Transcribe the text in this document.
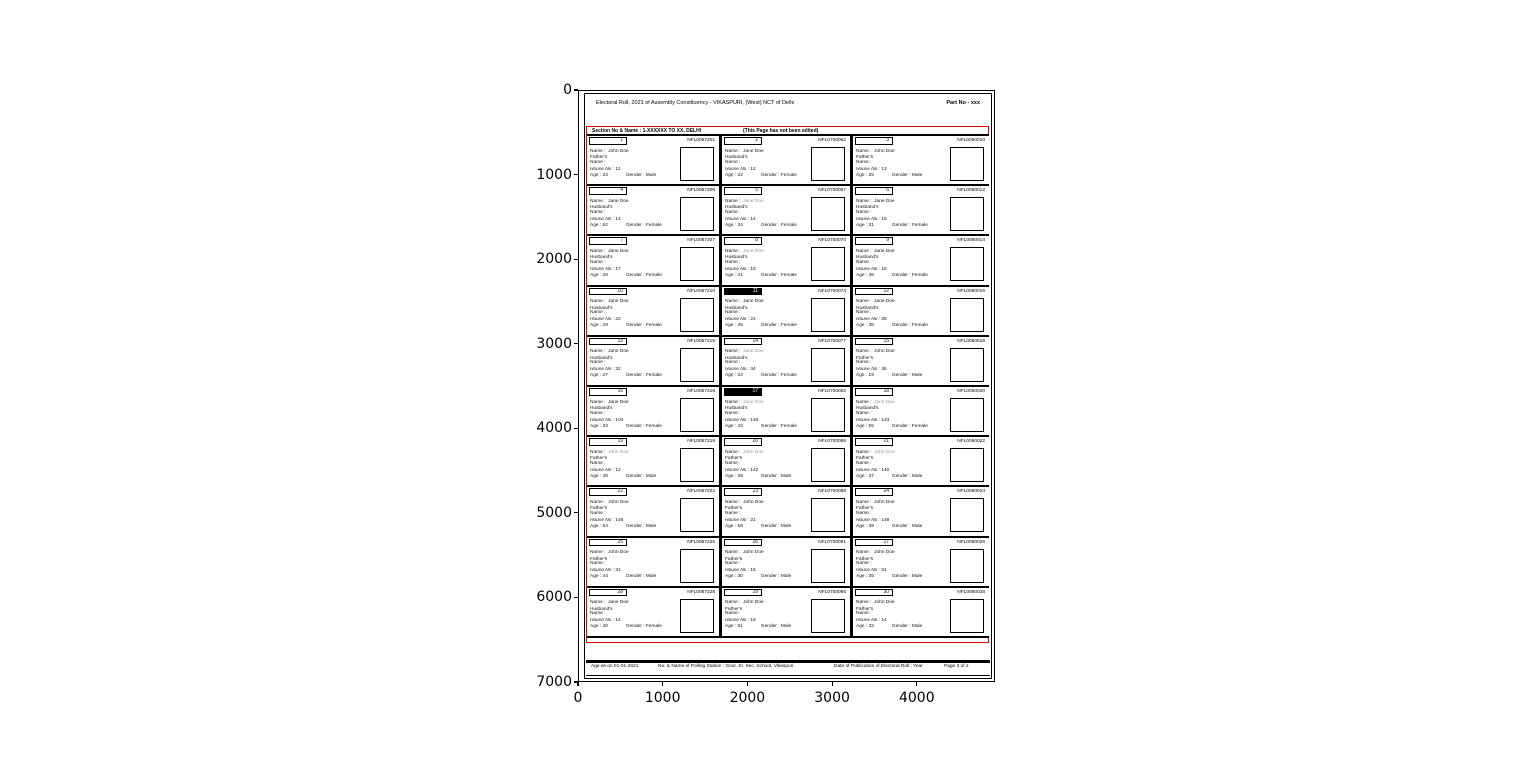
Electoral Roll, 2021 of Assembly Constituency - VIKASPURI, (West) NCT of Delhi	Part No - xxx
Section No & Name : 1-XXXXXX TO XX, DELHI	(This Page has not been edited)
1	NFL0057201
Name :  John Doe
Father's
Name :
House No : 12
Age : 23	Gender : Male
2	NFL0700062
Name :  Jane Doe
Husband's
Name :
House No : 12
Age : 22	Gender : Female
3	NFL0050010
Name :  John Doe
Father's
Name :
House No : 13
Age : 25	Gender : Male
4	NFL0057206
Name :  Jane Doe
Husband's
Name :
House No : 14
Age : 52	Gender : Female
5	NFL0700067
Name :  Jane Doe
Husband's
Name :
House No : 14
Age : 34	Gender : Female
6	NFL0050012
Name :  Jane Doe
Husband's
Name :
House No : 15
Age : 31	Gender : Female
7	NFL0057207
Name :  Jane Doe
Husband's
Name :
House No : 17
Age : 28	Gender : Female
8	NFL0700070
Name :  Jane Doe
Husband's
Name :
House No : 18
Age : 41	Gender : Female
9	NFL0050014
Name :  Jane Doe
Husband's
Name :
House No : 18
Age : 36	Gender : Female
10	NFL0057210
Name :  Jane Doe
Husband's
Name :
House No : 22
Age : 29	Gender : Female
11	NFL0700074
Name :  Jane Doe
Husband's
Name :
House No : 24
Age : 45	Gender : Female
12	NFL0050016
Name :  Jane Doe
Husband's
Name :
House No : 26
Age : 38	Gender : Female
13	NFL0057215
Name :  Jane Doe
Husband's
Name :
House No : 32
Age : 27	Gender : Female
14	NFL0700077
Name :  Jane Doe
Husband's
Name :
House No : 34
Age : 24	Gender : Female
15	NFL0050018
Name :  John Doe
Father's
Name :
House No : 36
Age : 19	Gender : Male
16	NFL0057216
Name :  Jane Doe
Husband's
Name :
House No : 104
Age : 33	Gender : Female
17	NFL0700082
Name :  Jane Doe
Husband's
Name :
House No : 140
Age : 43	Gender : Female
18	NFL0050020
Name :  Jane Doe
Husband's
Name :
House No : 123
Age : 55	Gender : Female
19	NFL0057219
Name :  John Doe
Father's
Name :
House No : 12
Age : 48	Gender : Male
20	NFL0700086
Name :  John Doe
Father's
Name :
House No : 142
Age : 26	Gender : Male
21	NFL0050022
Name :  John Doe
Father's
Name :
House No : 140
Age : 37	Gender : Male
22	NFL0057222
Name :  John Doe
Father's
Name :
House No : 146
Age : 64	Gender : Male
23	NFL0700088
Name :  John Doe
Father's
Name :
House No : 21
Age : 58	Gender : Male
24	NFL0050024
Name :  John Doe
Father's
Name :
House No : 148
Age : 39	Gender : Male
25	NFL0057225
Name :  John Doe
Father's
Name :
House No : 31
Age : 44	Gender : Male
26	NFL0700091
Name :  John Doe
Father's
Name :
House No : 15
Age : 30	Gender : Male
27	NFL0050026
Name :  John Doe
Father's
Name :
House No : 51
Age : 35	Gender : Male
28	NFL0057228
Name :  Jane Doe
Husband's
Name :
House No : 14
Age : 40	Gender : Female
29	NFL0700095
Name :  John Doe
Father's
Name :
House No : 19
Age : 61	Gender : Male
30	NFL0050028
Name :  John Doe
Father's
Name :
House No : 14
Age : 32	Gender : Male
Age as on 01-01-2021	No. & Name of Polling Station : Govt. Sr. Sec. School, Vikaspuri	Date of Publication of Electoral Roll : Year	Page 3 of 2
0
1000
2000
3000
4000
5000
6000
7000
0	1000	2000	3000	4000
